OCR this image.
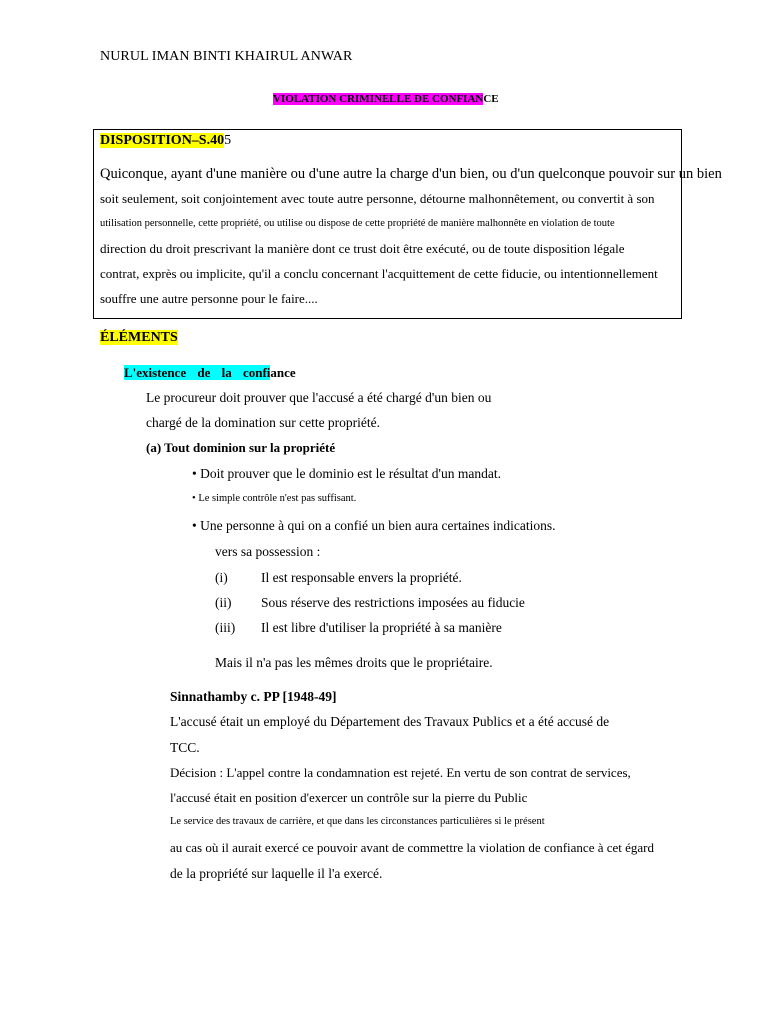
NURUL IMAN BINTI KHAIRUL ANWAR
VIOLATION CRIMINELLE DE CONFIANCE
DISPOSITION–S.405
Quiconque, ayant d'une manière ou d'une autre la charge d'un bien, ou d'un quelconque pouvoir sur un bien
soit seulement, soit conjointement avec toute autre personne, détourne malhonnêtement, ou convertit à son
utilisation personnelle, cette propriété, ou utilise ou dispose de cette propriété de manière malhonnête en violation de toute
direction du droit prescrivant la manière dont ce trust doit être exécuté, ou de toute disposition légale
contrat, exprès ou implicite, qu'il a conclu concernant l'acquittement de cette fiducie, ou intentionnellement
souffre une autre personne pour le faire....
ÉLÉMENTS
L'existence de la confiance
Le procureur doit prouver que l'accusé a été chargé d'un bien ou
chargé de la domination sur cette propriété.
(a) Tout dominion sur la propriété
• Doit prouver que le dominio est le résultat d'un mandat.
• Le simple contrôle n'est pas suffisant.
• Une personne à qui on a confié un bien aura certaines indications.
vers sa possession :
(i) Il est responsable envers la propriété.
(ii) Sous réserve des restrictions imposées au fiducie
(iii) Il est libre d'utiliser la propriété à sa manière
Mais il n'a pas les mêmes droits que le propriétaire.
Sinnathamby c. PP [1948-49]
L'accusé était un employé du Département des Travaux Publics et a été accusé de
TCC.
Décision : L'appel contre la condamnation est rejeté. En vertu de son contrat de services,
l'accusé était en position d'exercer un contrôle sur la pierre du Public
Le service des travaux de carrière, et que dans les circonstances particulières si le présent
au cas où il aurait exercé ce pouvoir avant de commettre la violation de confiance à cet égard
de la propriété sur laquelle il l'a exercé.
